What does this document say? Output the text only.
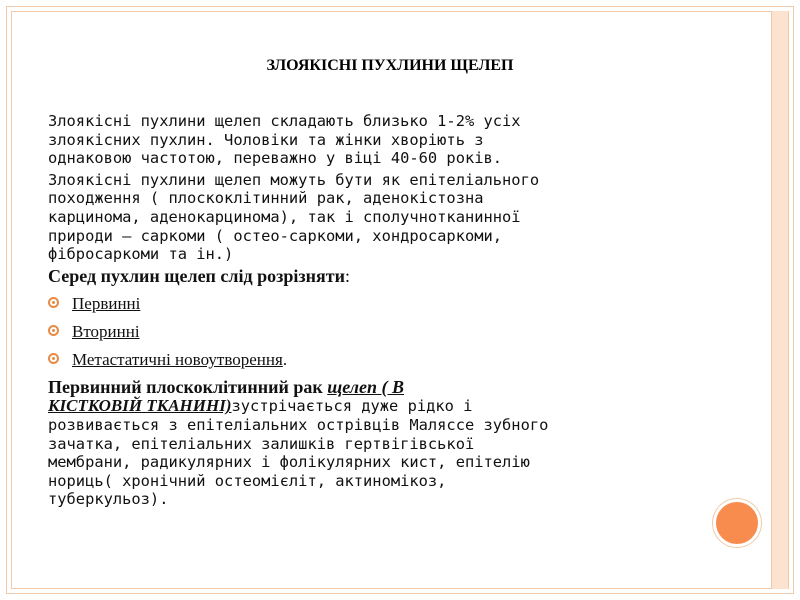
ЗЛОЯКІСНІ ПУХЛИНИ ЩЕЛЕП
Злоякісні пухлини щелеп складають близько 1-2% усіх
злоякісних пухлин. Чоловіки та жінки хворіють з
однаковою частотою, переважно у віці 40-60 років.
Злоякісні пухлини щелеп можуть бути як епітеліального
походження ( плоскоклітинний рак, аденокістозна
карцинома, аденокарцинома), так і сполучнотканинної
природи – саркоми ( остео-саркоми, хондросаркоми,
фібросаркоми та ін.)
Серед пухлин щелеп слід розрізняти:
Первинні
Вторинні
Метастатичні новоутворення.
Первинний плоскоклітинний рак щелеп ( В
КІСТКОВІЙ ТКАНИНІ)зустрічається дуже рідко і
розвивається з епітеліальних острівців Малясcе зубного
зачатка, епітеліальних залишків гертвігівської
мембрани, радикулярних і фолікулярних кист, епітелію
нориць( хронічний остеомієліт, актиномікоз,
туберкульоз).
